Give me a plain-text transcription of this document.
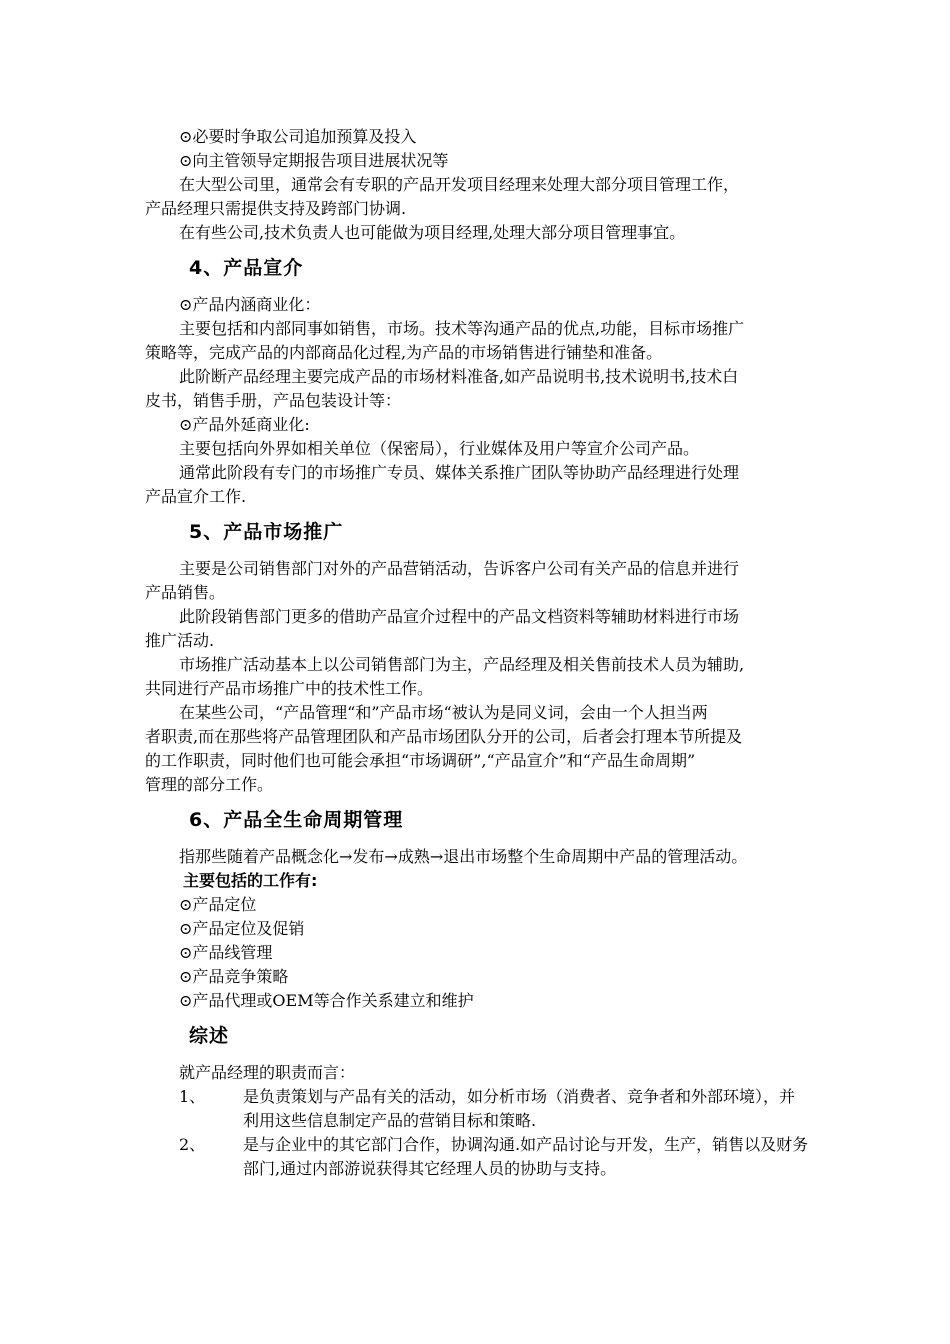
⊙必要时争取公司追加预算及投入
⊙向主管领导定期报告项目进展状况等
在大型公司里，通常会有专职的产品开发项目经理来处理大部分项目管理工作，
产品经理只需提供支持及跨部门协调.
在有些公司,技术负责人也可能做为项目经理,处理大部分项目管理事宜。
4、产品宣介
⊙产品内涵商业化：
主要包括和内部同事如销售，市场。技术等沟通产品的优点,功能，目标市场推广
策略等，完成产品的内部商品化过程,为产品的市场销售进行铺垫和准备。
此阶断产品经理主要完成产品的市场材料准备,如产品说明书,技术说明书,技术白
皮书，销售手册，产品包装设计等：
⊙产品外延商业化:
主要包括向外界如相关单位（保密局），行业媒体及用户等宣介公司产品。
通常此阶段有专门的市场推广专员、媒体关系推广团队等协助产品经理进行处理
产品宣介工作.
5、产品市场推广
主要是公司销售部门对外的产品营销活动，告诉客户公司有关产品的信息并进行
产品销售。
此阶段销售部门更多的借助产品宣介过程中的产品文档资料等辅助材料进行市场
推广活动.
市场推广活动基本上以公司销售部门为主，产品经理及相关售前技术人员为辅助,
共同进行产品市场推广中的技术性工作。
在某些公司，“产品管理“和”产品市场“被认为是同义词，会由一个人担当两
者职责,而在那些将产品管理团队和产品市场团队分开的公司，后者会打理本节所提及
的工作职责，同时他们也可能会承担“市场调研”,“产品宣介”和“产品生命周期”
管理的部分工作。
6、产品全生命周期管理
指那些随着产品概念化→发布→成熟→退出市场整个生命周期中产品的管理活动。
主要包括的工作有:
⊙产品定位
⊙产品定位及促销
⊙产品线管理
⊙产品竞争策略
⊙产品代理或OEM等合作关系建立和维护
综述
就产品经理的职责而言：
1、	是负责策划与产品有关的活动，如分析市场（消费者、竞争者和外部环境），并利用这些信息制定产品的营销目标和策略.
2、	是与企业中的其它部门合作，协调沟通.如产品讨论与开发，生产，销售以及财务部门,通过内部游说获得其它经理人员的协助与支持。
